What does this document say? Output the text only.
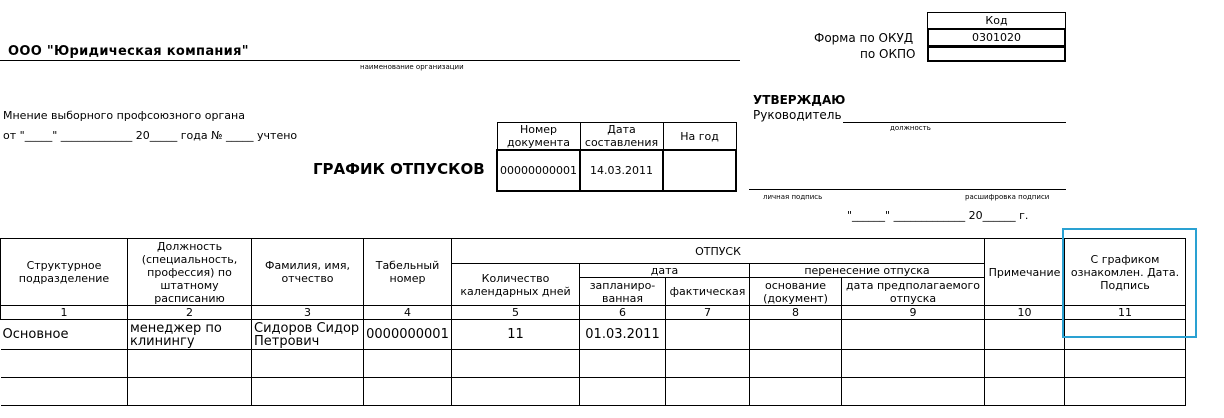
ООО "Юридическая компания"
наименование организации
Форма по ОКУД
по ОКПО
Код
0301020
Мнение выборного профсоюзного органа
от "_____" _____________ 20_____ года № _____ учтено
ГРАФИК ОТПУСКОВ
Номер документа	Дата составления	На год
00000000001	14.03.2011	
УТВЕРЖДАЮ
Руководитель
должность
личная подпись	расшифровка подписи
"______" _____________ 20______ г.
Структурное подразделение	Должность (специальность, профессия) по штатному расписанию	Фамилия, имя, отчество	Табельный номер	ОТПУСК					Примечание	С графиком ознакомлен. Дата. Подпись
				Количество календарных дней	дата		перенесение отпуска			
					запланиро-ванная	фактическая	основание (документ)	дата предполагаемого отпуска		
1	2	3	4	5	6	7	8	9	10	11
Основное	менеджер по клинингу	Сидоров Сидор Петрович	0000000001	11	01.03.2011					
